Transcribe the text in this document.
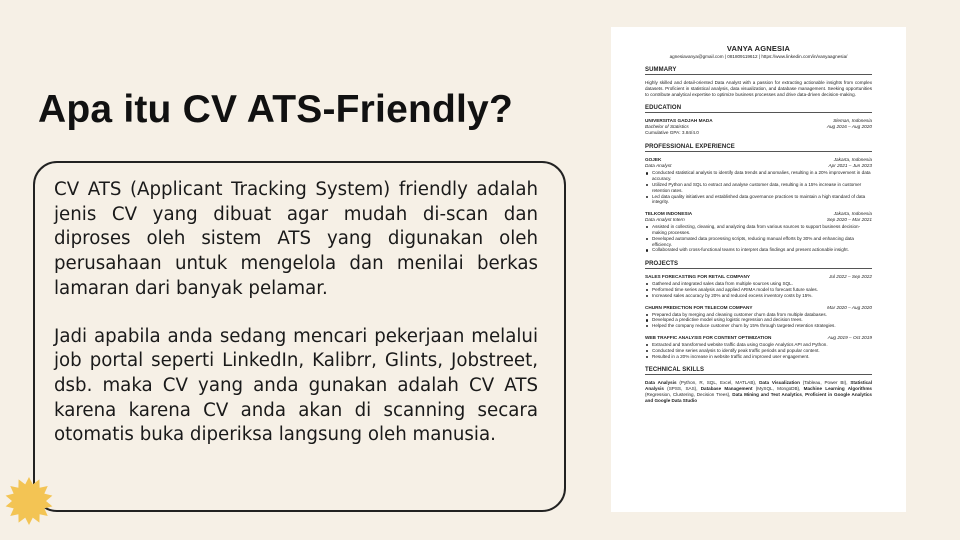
Apa itu CV ATS-Friendly?

CV ATS (Applicant Tracking System) friendly adalah jenis CV yang dibuat agar mudah di-scan dan diproses oleh sistem ATS yang digunakan oleh perusahaan untuk mengelola dan menilai berkas lamaran dari banyak pelamar.

Jadi apabila anda sedang mencari pekerjaan melalui job portal seperti LinkedIn, Kalibrr, Glints, Jobstreet, dsb. maka CV yang anda gunakan adalah CV ATS karena karena CV anda akan di scanning secara otomatis buka diperiksa langsung oleh manusia.

VANYA AGNESIA
agnesiavanya@gmail.com | 081809119612 | https://www.linkedin.com/in/vanyaagnesia/
SUMMARY
Highly skilled and detail-oriented Data Analyst with a passion for extracting actionable insights from complex datasets. Proficient in statistical analysis, data visualization, and database management. Seeking opportunities to contribute analytical expertise to optimize business processes and drive data-driven decision-making.
EDUCATION
UNIVERSITAS GADJAH MADA	Sleman, Indonesia
Bachelor of Statistics	Aug 2016 – Aug 2020
Cumulative GPA: 3.84/4.0
PROFESSIONAL EXPERIENCE
GOJEK	Jakarta, Indonesia
Data Analyst	Apr 2021 – Jun 2023
Conducted statistical analysis to identify data trends and anomalies, resulting in a 20% improvement in data accuracy.
Utilized Python and SQL to extract and analyse customer data, resulting in a 15% increase in customer retention rates.
Led data quality initiatives and established data governance practices to maintain a high standard of data integrity.
TELKOM INDONESIA	Jakarta, Indonesia
Data Analyst Intern	Sep 2020 – Mar 2021
Assisted in collecting, cleaning, and analyzing data from various sources to support business decision-making processes.
Developed automated data processing scripts, reducing manual efforts by 30% and enhancing data efficiency.
Collaborated with cross-functional teams to interpret data findings and present actionable insight.
PROJECTS
SALES FORECASTING FOR RETAIL COMPANY	Jul 2022 – Sep 2022
Gathered and integrated sales data from multiple sources using SQL.
Performed time series analysis and applied ARIMA model to forecast future sales.
Increased sales accuracy by 20% and reduced excess inventory costs by 15%.
CHURN PREDICTION FOR TELECOM COMPANY	Mar 2020 – Aug 2020
Prepared data by merging and cleaning customer churn data from multiple databases.
Developed a predictive model using logistic regression and decision trees.
Helped the company reduce customer churn by 15% through targeted retention strategies.
WEB TRAFFIC ANALYSIS FOR CONTENT OPTIMIZATION	Aug 2019 – Oct 2019
Extracted and transformed website traffic data using Google Analytics API and Python.
Conducted time series analysis to identify peak traffic periods and popular content.
Resulted in a 20% increase in website traffic and improved user engagement.
TECHNICAL SKILLS
Data Analysis (Python, R, SQL, Excel, MATLAB), Data Visualization (Tableau, Power BI), Statistical Analysis (SPSS, SAS), Database Management (MySQL, MongoDB), Machine Learning Algorithms (Regression, Clustering, Decision Trees), Data Mining and Text Analytics, Proficient in Google Analytics and Google Data Studio
